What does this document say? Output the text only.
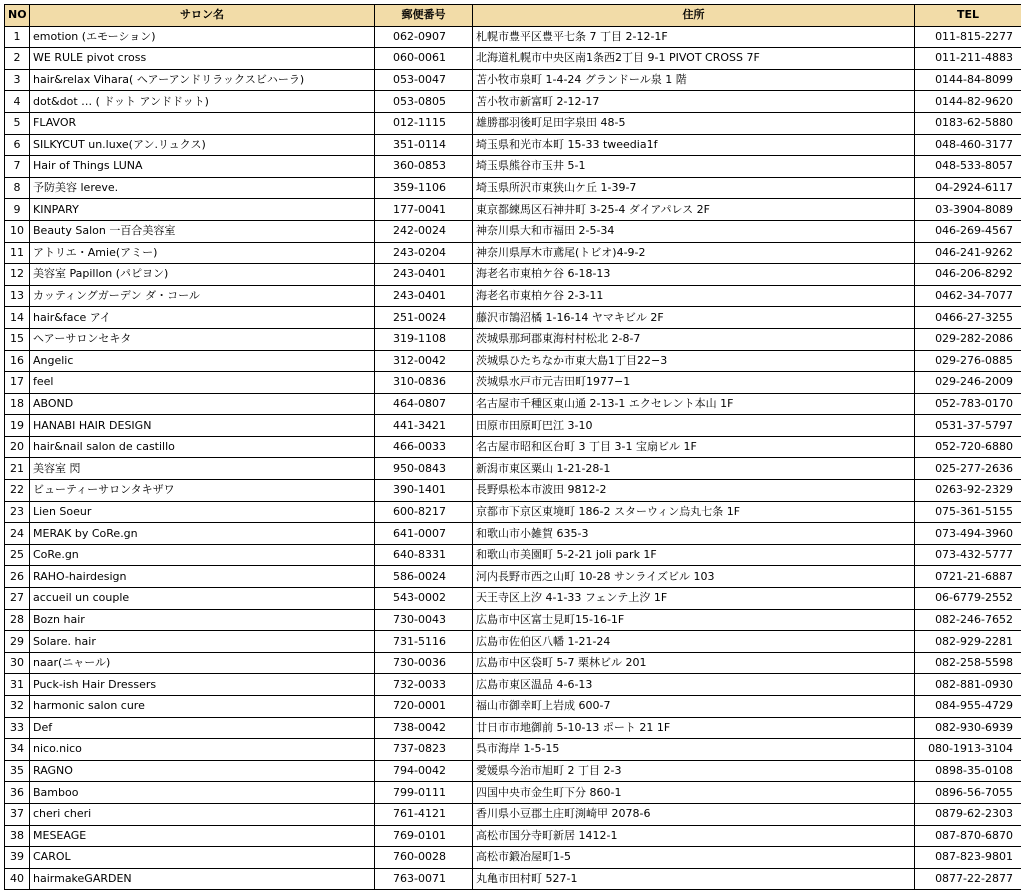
NO	サロン名	郵便番号	住所	TEL
1	emotion (エモーション)	062-0907	札幌市豊平区豊平七条 7 丁目 2-12-1F	011-815-2277
2	WE RULE pivot cross	060-0061	北海道札幌市中央区南1条西2丁目 9-1 PIVOT CROSS 7F	011-211-4883
3	hair&relax Vihara( ヘアーアンドリラックスビハーラ)	053-0047	苫小牧市泉町 1-4-24 グランドール泉 1 階	0144-84-8099
4	dot&dot … ( ドット アンドドット)	053-0805	苫小牧市新富町 2-12-17	0144-82-9620
5	FLAVOR	012-1115	雄勝郡羽後町足田字泉田 48-5	0183-62-5880
6	SILKYCUT un.luxe(アン.リュクス)	351-0114	埼玉県和光市本町 15-33 tweedia1f	048-460-3177
7	Hair of Things LUNA	360-0853	埼玉県熊谷市玉井 5-1	048-533-8057
8	予防美容 lereve.	359-1106	埼玉県所沢市東狭山ケ丘 1-39-7	04-2924-6117
9	KINPARY	177-0041	東京都練馬区石神井町 3-25-4 ダイアパレス 2F	03-3904-8089
10	Beauty Salon 一百合美容室	242-0024	神奈川県大和市福田 2-5-34	046-269-4567
11	アトリエ・Amie(アミー)	243-0204	神奈川県厚木市鳶尾(トビオ)4-9-2	046-241-9262
12	美容室 Papillon (パピヨン)	243-0401	海老名市東柏ケ谷 6-18-13	046-206-8292
13	カッティングガーデン ダ・コール	243-0401	海老名市東柏ケ谷 2-3-11	0462-34-7077
14	hair&face アイ	251-0024	藤沢市鵠沼橘 1-16-14 ヤマキビル 2F	0466-27-3255
15	ヘアーサロンセキタ	319-1108	茨城県那珂郡東海村村松北 2-8-7	029-282-2086
16	Angelic	312-0042	茨城県ひたちなか市東大島1丁目22−3	029-276-0885
17	feel	310-0836	茨城県水戸市元吉田町1977−1	029-246-2009
18	ABOND	464-0807	名古屋市千種区東山通 2-13-1 エクセレント本山 1F	052-783-0170
19	HANABI HAIR DESIGN	441-3421	田原市田原町巴江 3-10	0531-37-5797
20	hair&nail salon de castillo	466-0033	名古屋市昭和区台町 3 丁目 3-1 宝扇ビル 1F	052-720-6880
21	美容室 閃	950-0843	新潟市東区粟山 1-21-28-1	025-277-2636
22	ビューティーサロンタキザワ	390-1401	長野県松本市波田 9812-2	0263-92-2329
23	Lien Soeur	600-8217	京都市下京区東境町 186-2 スターウィン烏丸七条 1F	075-361-5155
24	MERAK by CoRe.gn	641-0007	和歌山市小雑賀 635-3	073-494-3960
25	CoRe.gn	640-8331	和歌山市美園町 5-2-21 joli park 1F	073-432-5777
26	RAHO-hairdesign	586-0024	河内長野市西之山町 10-28 サンライズビル 103	0721-21-6887
27	accueil un couple	543-0002	天王寺区上汐 4-1-33 フェンテ上汐 1F	06-6779-2552
28	Bozn hair	730-0043	広島市中区富士見町15-16-1F	082-246-7652
29	Solare. hair	731-5116	広島市佐伯区八幡 1-21-24	082-929-2281
30	naar(ニャール)	730-0036	広島市中区袋町 5-7 栗林ビル 201	082-258-5598
31	Puck-ish Hair Dressers	732-0033	広島市東区温品 4-6-13	082-881-0930
32	harmonic salon cure	720-0001	福山市御幸町上岩成 600-7	084-955-4729
33	Def	738-0042	廿日市市地御前 5-10-13 ポート 21 1F	082-930-6939
34	nico.nico	737-0823	呉市海岸 1-5-15	080-1913-3104
35	RAGNO	794-0042	愛媛県今治市旭町 2 丁目 2-3	0898-35-0108
36	Bamboo	799-0111	四国中央市金生町下分 860-1	0896-56-7055
37	cheri cheri	761-4121	香川県小豆郡土庄町渕崎甲 2078-6	0879-62-2303
38	MESEAGE	769-0101	高松市国分寺町新居 1412-1	087-870-6870
39	CAROL	760-0028	高松市鍛冶屋町1-5	087-823-9801
40	hairmakeGARDEN	763-0071	丸亀市田村町 527-1	0877-22-2877
